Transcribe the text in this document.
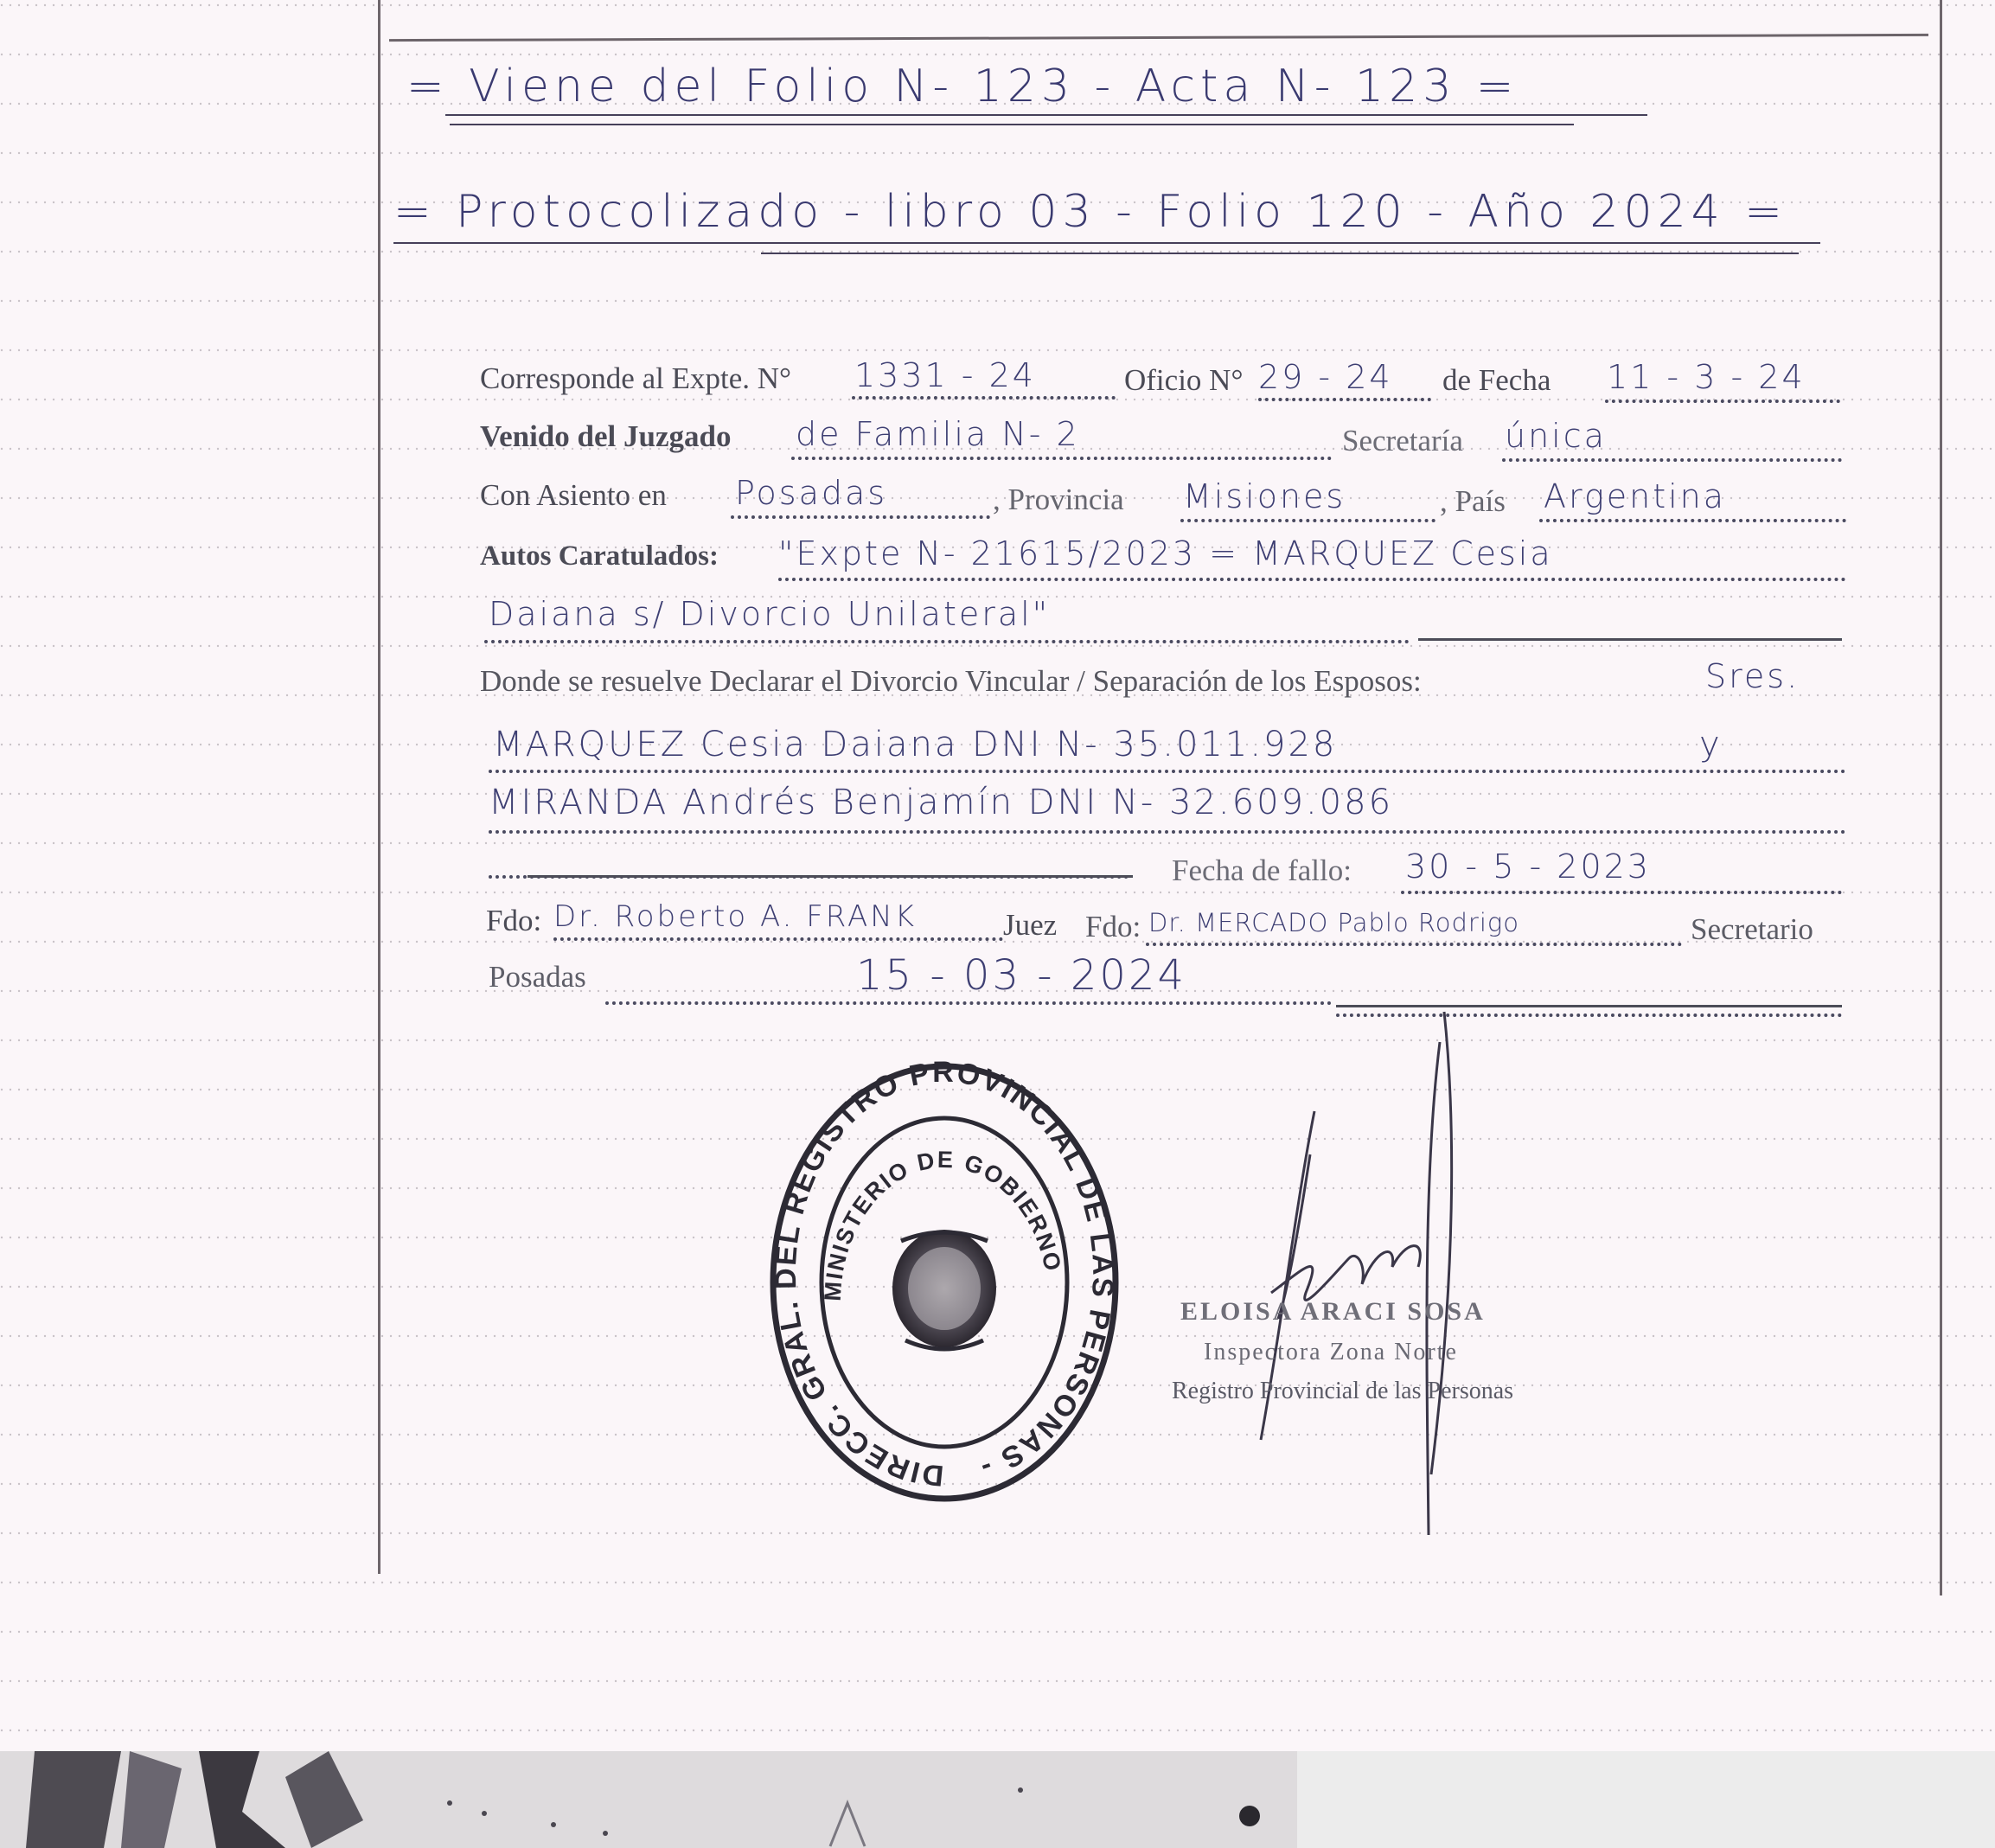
= Viene del Folio N- 123 - Acta N- 123 =
= Protocolizado - libro 03 - Folio 120 - Año 2024 =
Corresponde al Expte. N° 1331 - 24	Oficio N° 29 - 24 de Fecha 11 - 3 - 24
Venido del Juzgado de Familia N- 2	Secretaría única
Con Asiento en Posadas	, Provincia Misiones	, País Argentina
Autos Caratulados: "Expte N- 21615/2023 = MARQUEZ Cesia
Daiana s/ Divorcio Unilateral"
Donde se resuelve Declarar el Divorcio Vincular / Separación de los Esposos:	Sres.
MARQUEZ Cesia Daiana DNI N- 35.011.928	y
MIRANDA Andrés Benjamín DNI N- 32.609.086
Fecha de fallo: 30 - 5 - 2023
Fdo: Dr. Roberto A. FRANK	Juez Fdo: Dr. MERCADO Pablo Rodrigo	Secretario
Posadas	15 - 03 - 2024
DIRECC. GRAL. DEL REGISTRO PROVINCIAL DE LAS PERSONAS -
MINISTERIO DE GOBIERNO
ELOISA ARACI SOSA
Inspectora Zona Norte
Registro Provincial de las Personas
